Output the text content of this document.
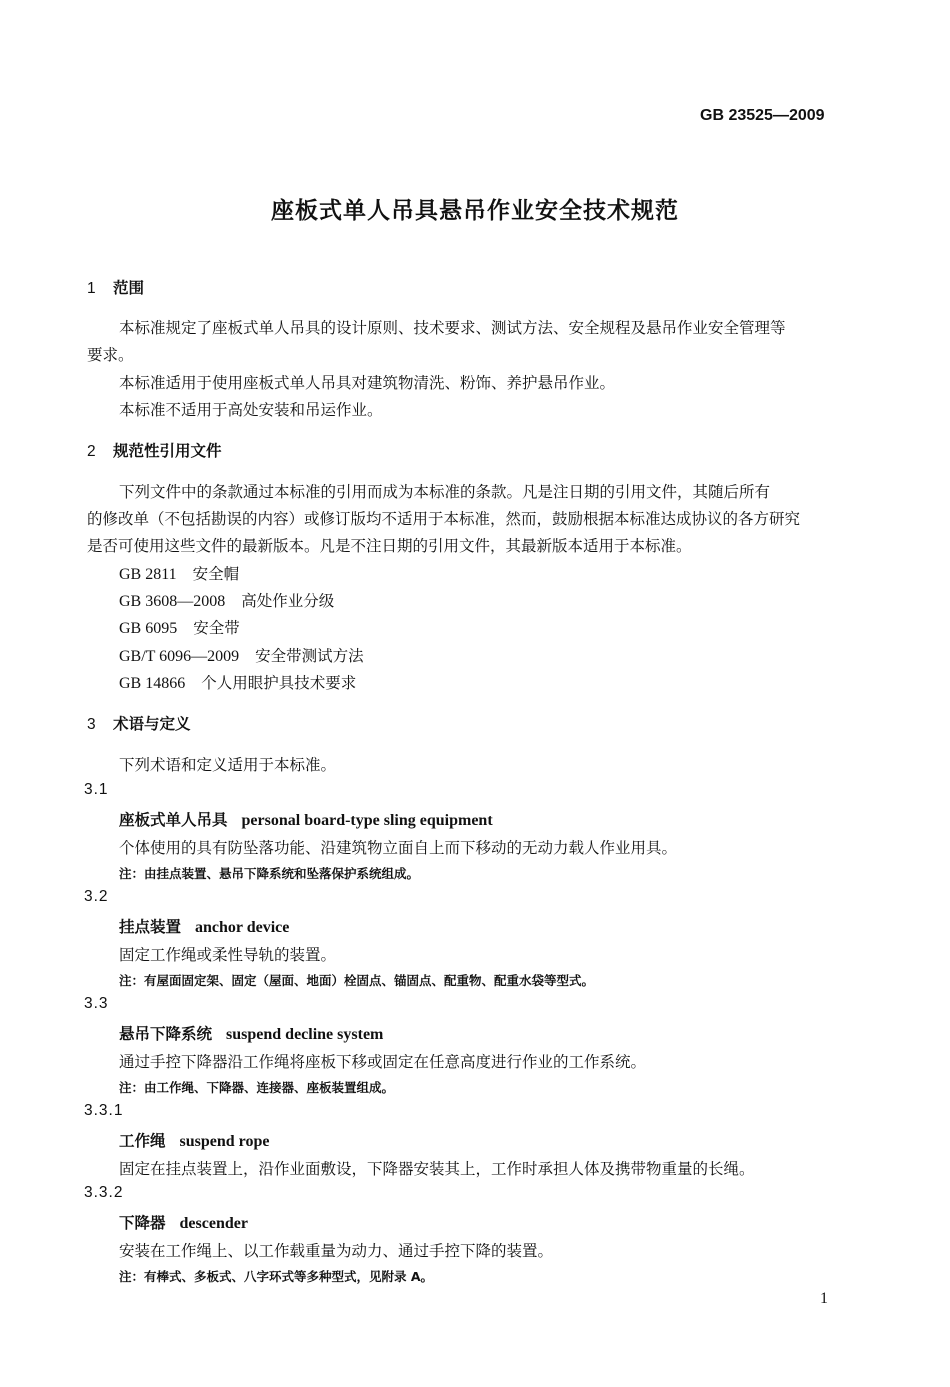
GB 23525—2009
座板式单人吊具悬吊作业安全技术规范
1 范围
本标准规定了座板式单人吊具的设计原则、技术要求、测试方法、安全规程及悬吊作业安全管理等
要求。
本标准适用于使用座板式单人吊具对建筑物清洗、粉饰、养护悬吊作业。
本标准不适用于高处安装和吊运作业。
2 规范性引用文件
下列文件中的条款通过本标准的引用而成为本标准的条款。凡是注日期的引用文件，其随后所有
的修改单（不包括勘误的内容）或修订版均不适用于本标准，然而，鼓励根据本标准达成协议的各方研究
是否可使用这些文件的最新版本。凡是不注日期的引用文件，其最新版本适用于本标准。
GB 2811 安全帽
GB 3608—2008 高处作业分级
GB 6095 安全带
GB/T 6096—2009 安全带测试方法
GB 14866 个人用眼护具技术要求
3 术语与定义
下列术语和定义适用于本标准。
3.1
座板式单人吊具 personal board-type sling equipment
个体使用的具有防坠落功能、沿建筑物立面自上而下移动的无动力载人作业用具。
注：由挂点装置、悬吊下降系统和坠落保护系统组成。
3.2
挂点装置 anchor device
固定工作绳或柔性导轨的装置。
注：有屋面固定架、固定（屋面、地面）栓固点、锚固点、配重物、配重水袋等型式。
3.3
悬吊下降系统 suspend decline system
通过手控下降器沿工作绳将座板下移或固定在任意高度进行作业的工作系统。
注：由工作绳、下降器、连接器、座板装置组成。
3.3.1
工作绳 suspend rope
固定在挂点装置上，沿作业面敷设，下降器安装其上，工作时承担人体及携带物重量的长绳。
3.3.2
下降器 descender
安装在工作绳上、以工作载重量为动力、通过手控下降的装置。
注：有棒式、多板式、八字环式等多种型式，见附录 A。
1
